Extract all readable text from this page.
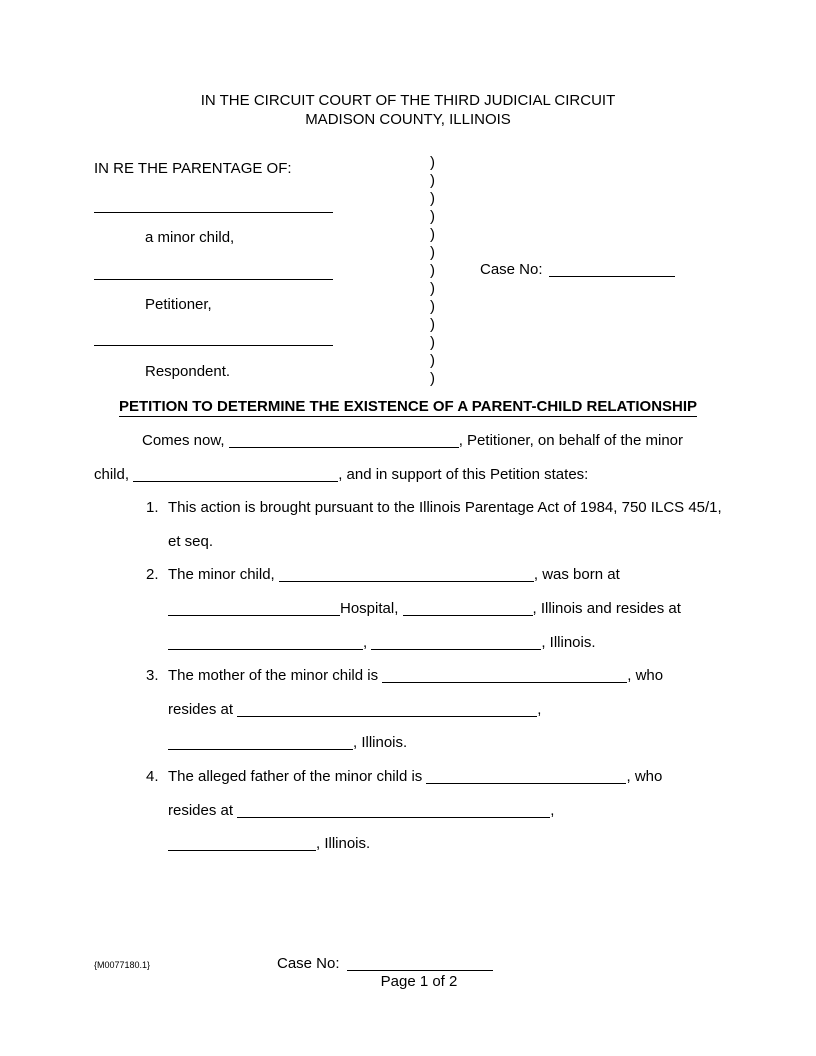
IN THE CIRCUIT COURT OF THE THIRD JUDICIAL CIRCUIT
MADISON COUNTY, ILLINOIS
IN RE THE PARENTAGE OF:
a minor child,
Petitioner,
Respondent.
)
)
)
)
)
)
)
)
)
)
)
)
)
Case No:
PETITION TO DETERMINE THE EXISTENCE OF A PARENT-CHILD RELATIONSHIP
Comes now,	, Petitioner, on behalf of the minor
child,	, and in support of this Petition states:
1. This action is brought pursuant to the Illinois Parentage Act of 1984, 750 ILCS 45/1,
et seq.
2. The minor child,	, was born at
Hospital,	, Illinois and resides at
,	, Illinois.
3. The mother of the minor child is	, who
resides at	,
, Illinois.
4. The alleged father of the minor child is	, who
resides at	,
, Illinois.
{M0077180.1}	Case No:
Page 1 of 2
